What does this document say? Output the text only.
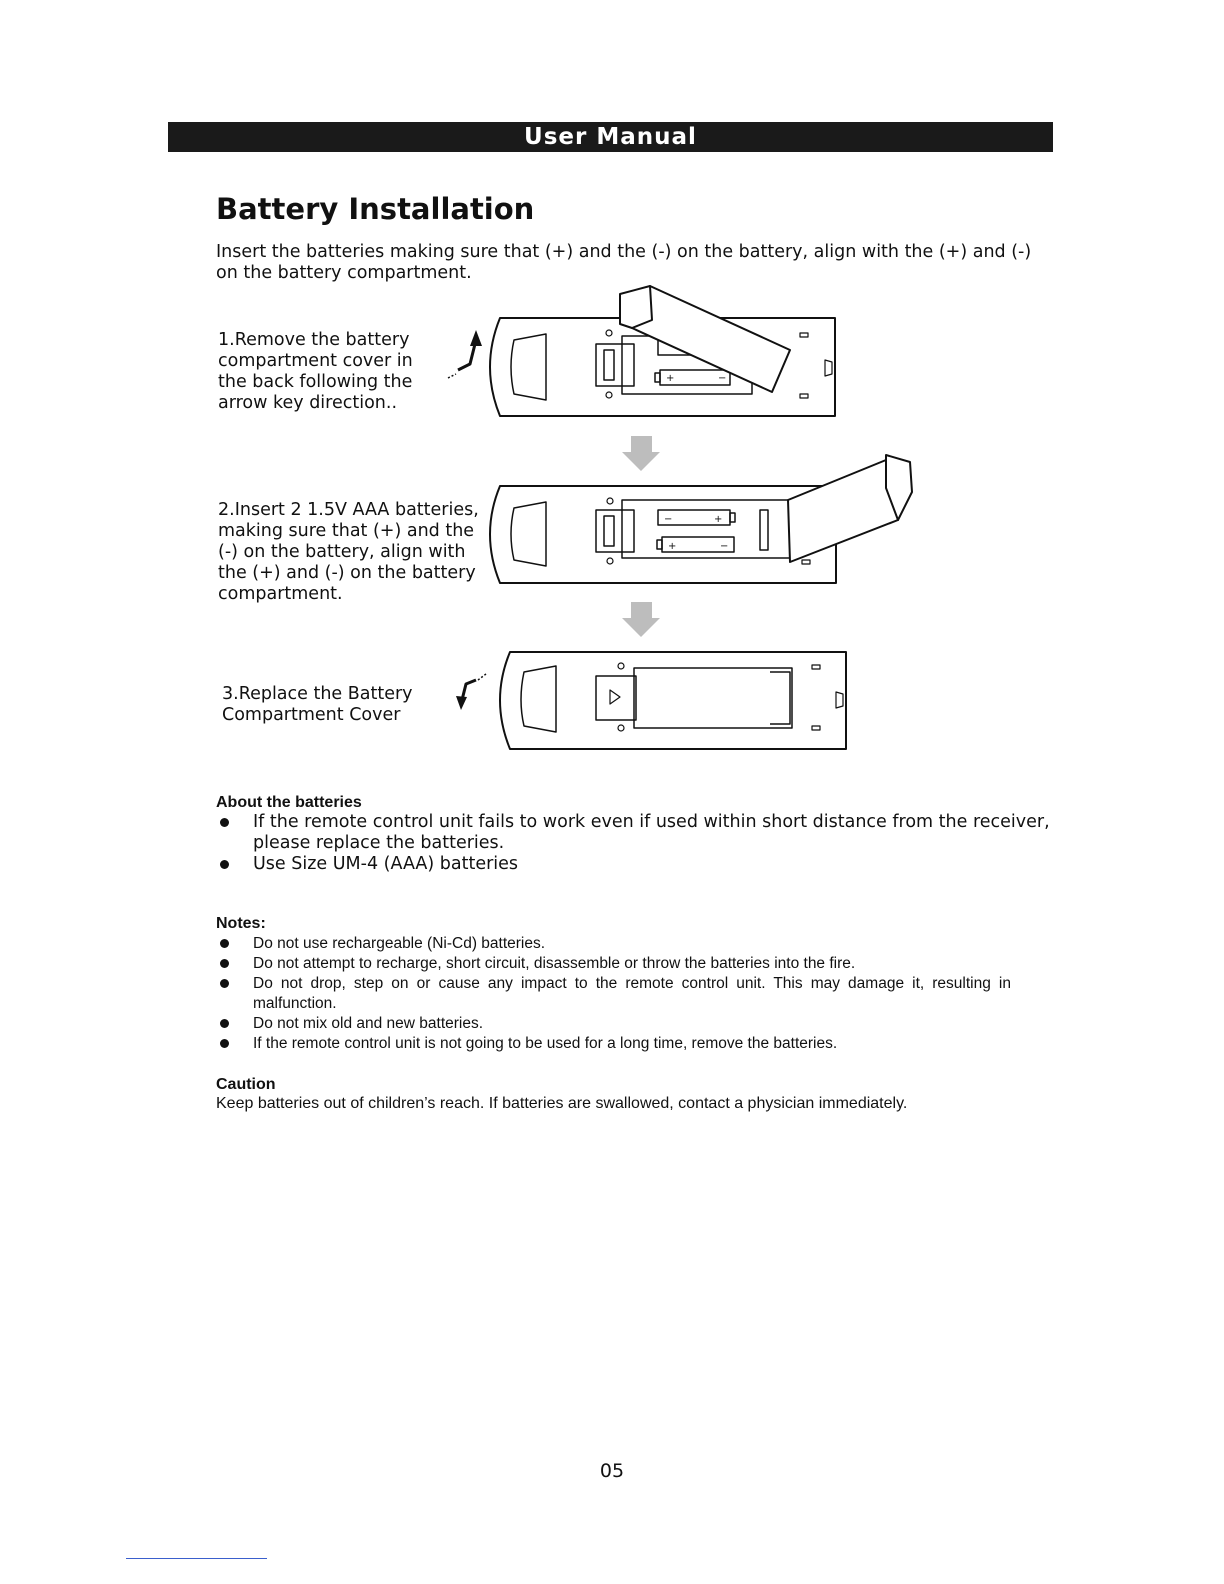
User Manual
Battery Installation

Insert the batteries making sure that (+) and the (-) on the battery, align with the (+) and (-) on the battery compartment.

1.Remove the battery compartment cover in the back following the arrow key direction..

2.Insert 2 1.5V AAA batteries, making sure that (+) and the (-) on the battery, align with the (+) and (-) on the battery compartment.

3.Replace the Battery Compartment Cover

+	−
−	+
+	−
About the batteries
If the remote control unit fails to work even if used within short distance from the receiver, please replace the batteries.
Use Size UM-4 (AAA) batteries
Notes:
Do not use rechargeable (Ni-Cd) batteries.
Do not attempt to recharge, short circuit, disassemble or throw the batteries into the fire.
Do not drop, step on or cause any impact to the remote control unit. This may damage it, resulting in malfunction.
Do not mix old and new batteries.
If the remote control unit is not going to be used for a long time, remove the batteries.
Caution

Keep batteries out of children’s reach. If batteries are swallowed, contact a physician immediately.

05
